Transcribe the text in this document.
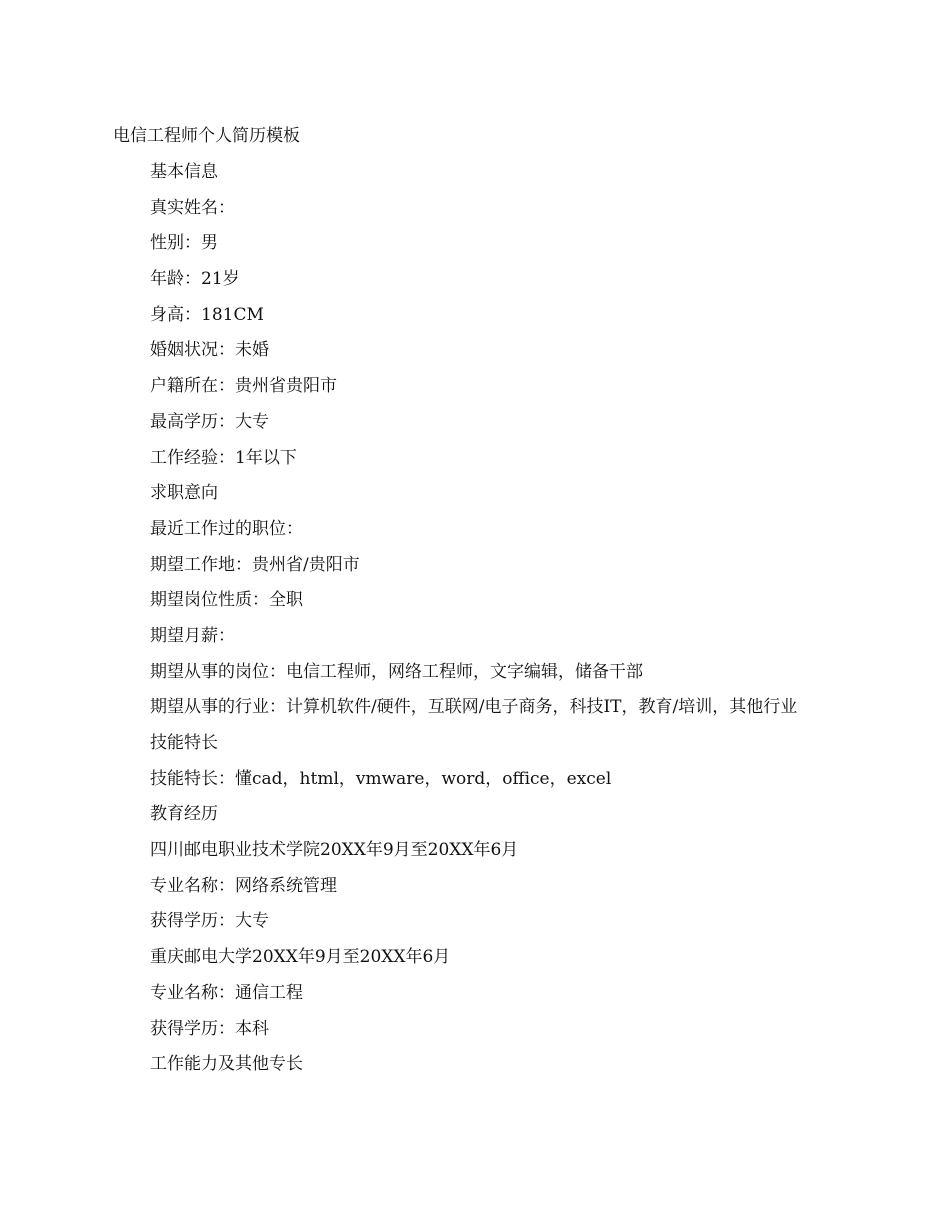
电信工程师个人简历模板

基本信息

真实姓名：

性别：男

年龄：21岁

身高：181CM

婚姻状况：未婚

户籍所在：贵州省贵阳市

最高学历：大专

工作经验：1年以下

求职意向

最近工作过的职位：

期望工作地：贵州省/贵阳市

期望岗位性质：全职

期望月薪：

期望从事的岗位：电信工程师，网络工程师，文字编辑，储备干部

期望从事的行业：计算机软件/硬件，互联网/电子商务，科技IT，教育/培训，其他行业

技能特长

技能特长：懂cad，html，vmware，word，office，excel

教育经历

四川邮电职业技术学院20XX年9月至20XX年6月

专业名称：网络系统管理

获得学历：大专

重庆邮电大学20XX年9月至20XX年6月

专业名称：通信工程

获得学历：本科

工作能力及其他专长
